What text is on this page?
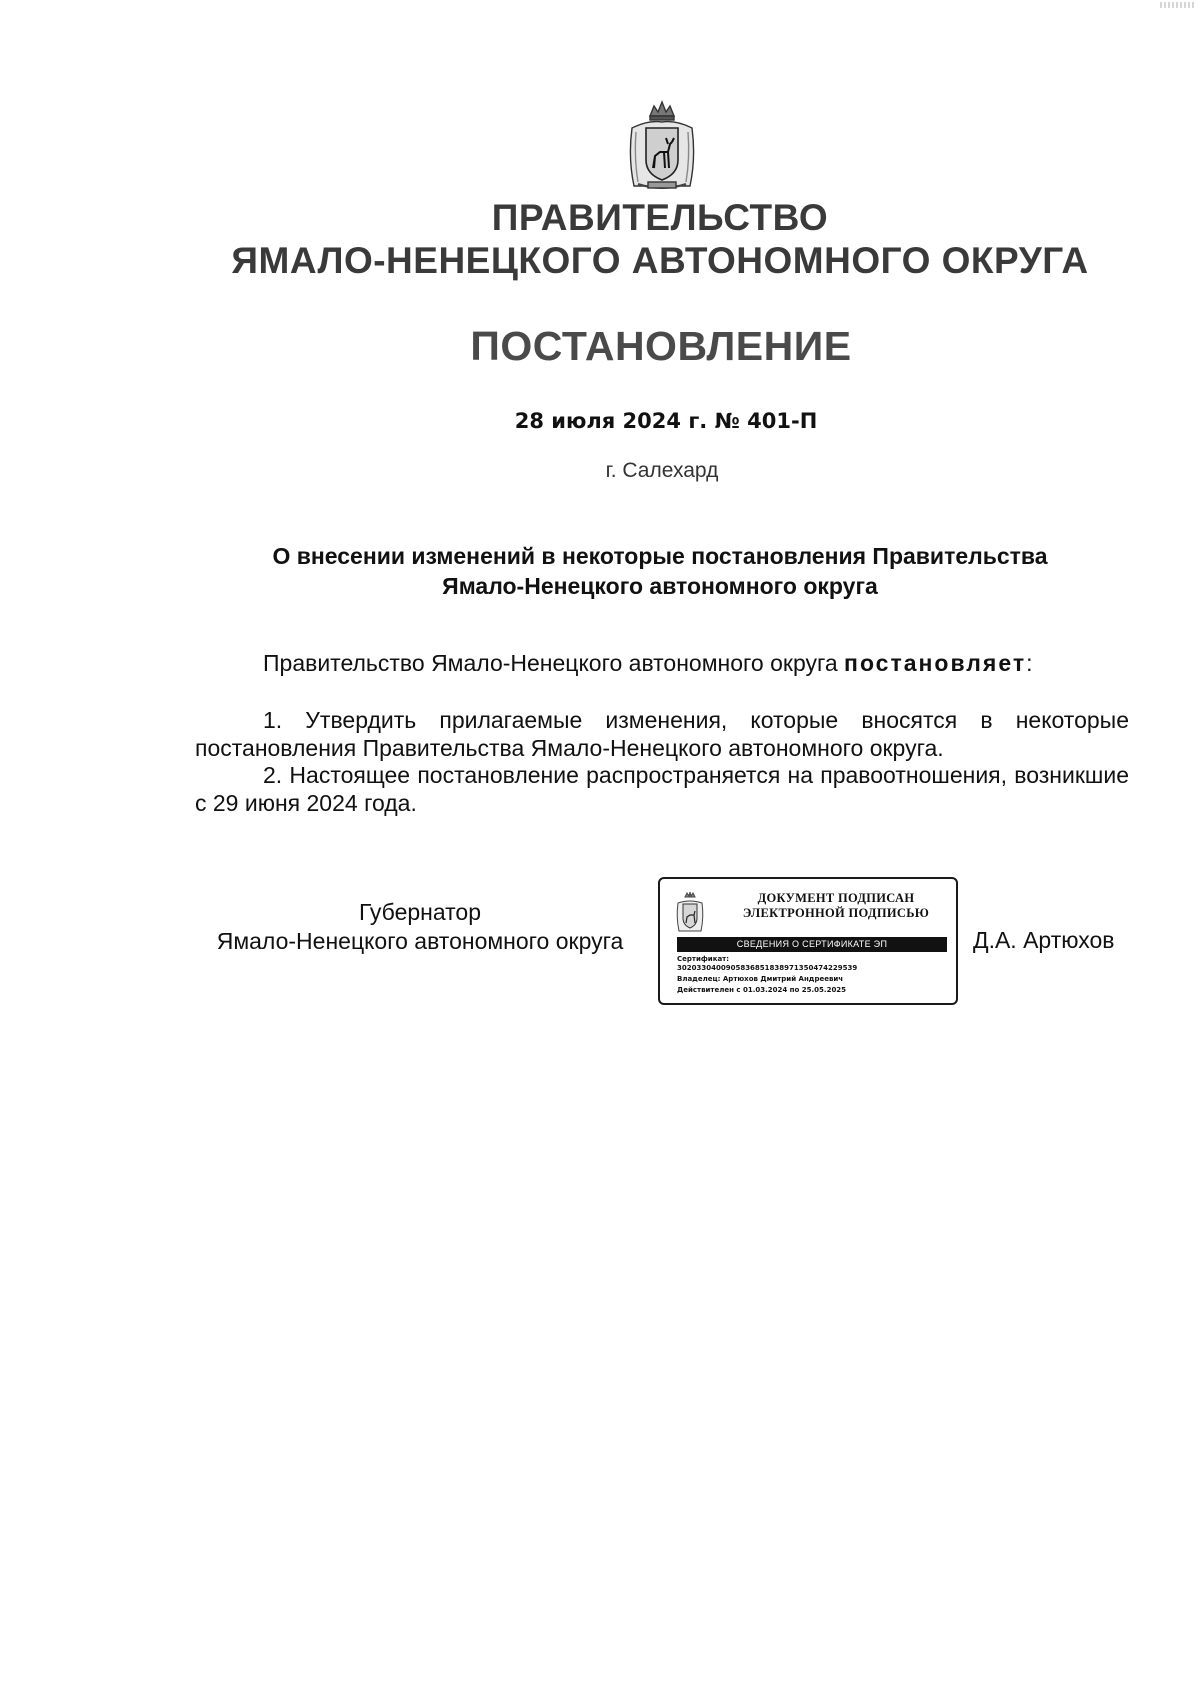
ПРАВИТЕЛЬСТВО
ЯМАЛО-НЕНЕЦКОГО АВТОНОМНОГО ОКРУГА
ПОСТАНОВЛЕНИЕ
28 июля 2024 г. № 401-П
г. Салехард
О внесении изменений в некоторые постановления Правительства
Ямало-Ненецкого автономного округа
Правительство Ямало-Ненецкого автономного округа постановляет:
1. Утвердить прилагаемые изменения, которые вносятся в некоторые постановления Правительства Ямало-Ненецкого автономного округа.
2. Настоящее постановление распространяется на правоотношения, возникшие с 29 июня 2024 года.
Губернатор
Ямало-Ненецкого автономного округа
ДОКУМЕНТ ПОДПИСАН
ЭЛЕКТРОННОЙ ПОДПИСЬЮ
СВЕДЕНИЯ О СЕРТИФИКАТЕ ЭП
Сертификат:
3020330400905836851838971350474229539
Владелец: Артюхов Дмитрий Андреевич
Действителен с 01.03.2024 по 25.05.2025
Д.А. Артюхов
